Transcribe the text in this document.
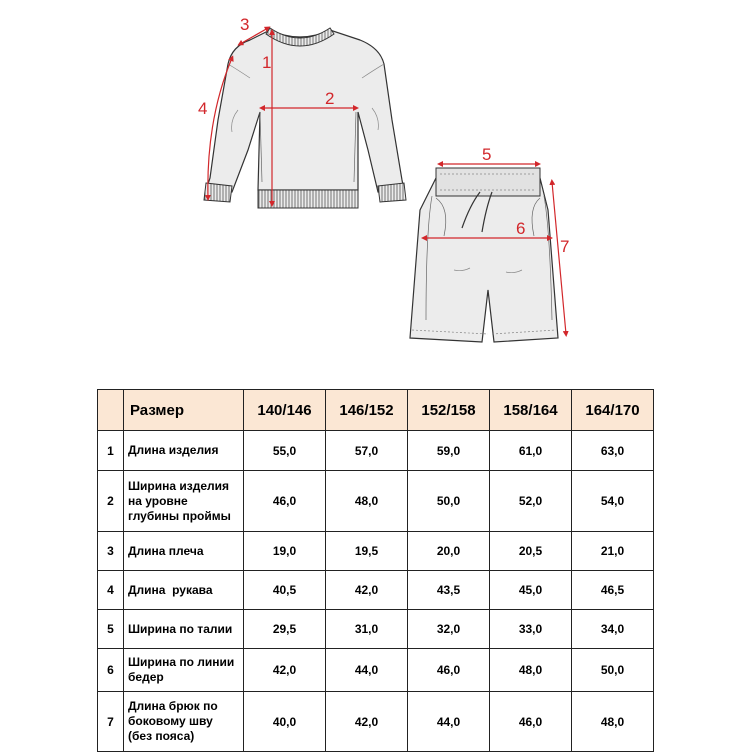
1
2
3
4
5
6
7
	Размер	140/146	146/152	152/158	158/164	164/170
1	Длина изделия	55,0	57,0	59,0	61,0	63,0
2	Ширина изделия на уровне глубины проймы	46,0	48,0	50,0	52,0	54,0
3	Длина плеча	19,0	19,5	20,0	20,5	21,0
4	Длина  рукава	40,5	42,0	43,5	45,0	46,5
5	Ширина по талии	29,5	31,0	32,0	33,0	34,0
6	Ширина по линии бедер	42,0	44,0	46,0	48,0	50,0
7	Длина брюк по боковому шву (без пояса)	40,0	42,0	44,0	46,0	48,0
